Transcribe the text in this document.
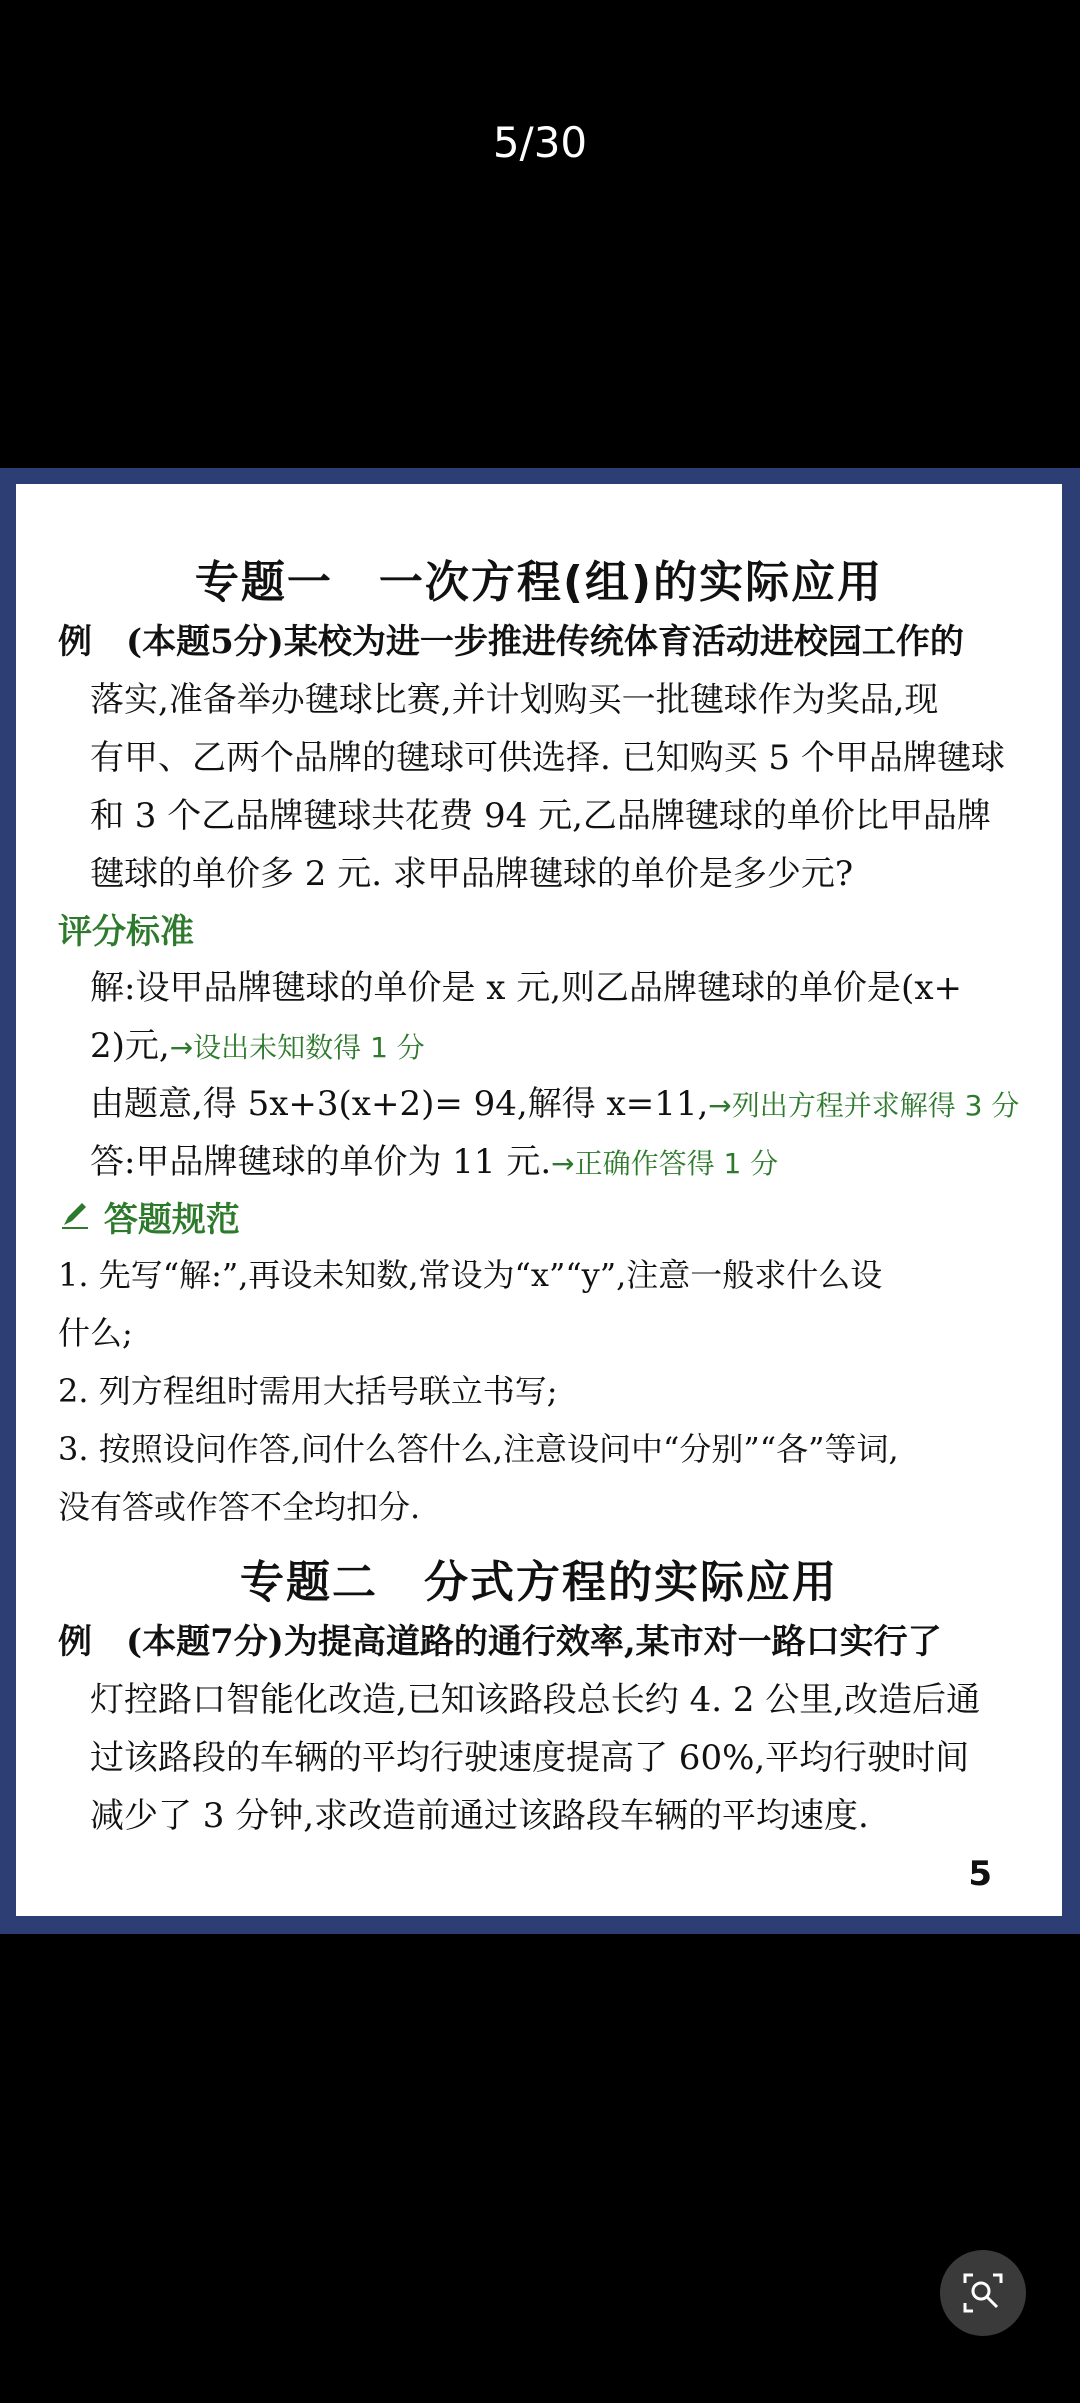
5/30
专题一　一次方程(组)的实际应用
例　(本题5分)某校为进一步推进传统体育活动进校园工作的
落实,准备举办毽球比赛,并计划购买一批毽球作为奖品,现
有甲、乙两个品牌的毽球可供选择. 已知购买 5 个甲品牌毽球
和 3 个乙品牌毽球共花费 94 元,乙品牌毽球的单价比甲品牌
毽球的单价多 2 元. 求甲品牌毽球的单价是多少元?
评分标准
解:设甲品牌毽球的单价是 x 元,则乙品牌毽球的单价是(x+
2)元,→设出未知数得 1 分
由题意,得 5x+3(x+2)= 94,解得 x=11,→列出方程并求解得 3 分
答:甲品牌毽球的单价为 11 元.→正确作答得 1 分
答题规范
1. 先写“解:”,再设未知数,常设为“x”“y”,注意一般求什么设
什么;
2. 列方程组时需用大括号联立书写;
3. 按照设问作答,问什么答什么,注意设问中“分别”“各”等词,
没有答或作答不全均扣分.
专题二　分式方程的实际应用
例　(本题7分)为提高道路的通行效率,某市对一路口实行了
灯控路口智能化改造,已知该路段总长约 4. 2 公里,改造后通
过该路段的车辆的平均行驶速度提高了 60%,平均行驶时间
减少了 3 分钟,求改造前通过该路段车辆的平均速度.
5
